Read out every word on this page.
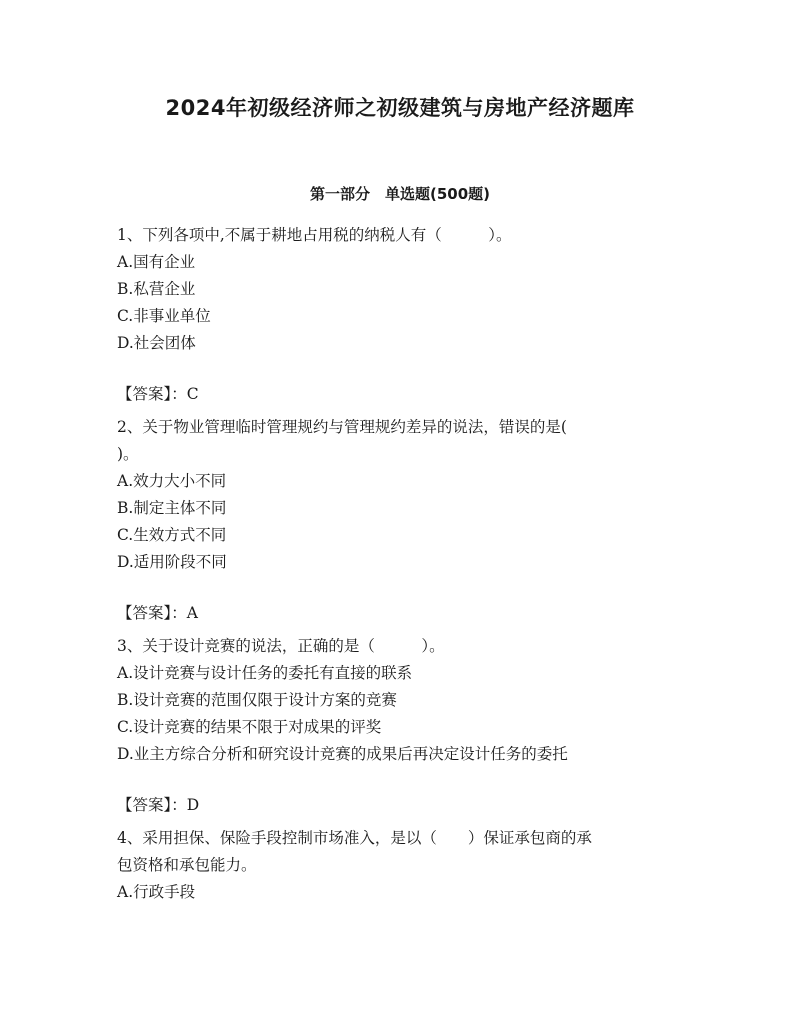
2024年初级经济师之初级建筑与房地产经济题库
第一部分　单选题(500题)

1、下列各项中,不属于耕地占用税的纳税人有（　　　）。

A.国有企业

B.私营企业

C.非事业单位

D.社会团体

【答案】：C

2、关于物业管理临时管理规约与管理规约差异的说法，错误的是(

)。

A.效力大小不同

B.制定主体不同

C.生效方式不同

D.适用阶段不同

【答案】：A

3、关于设计竞赛的说法，正确的是（　　　）。

A.设计竞赛与设计任务的委托有直接的联系

B.设计竞赛的范围仅限于设计方案的竞赛

C.设计竞赛的结果不限于对成果的评奖

D.业主方综合分析和研究设计竞赛的成果后再决定设计任务的委托

【答案】：D

4、采用担保、保险手段控制市场准入，是以（　　）保证承包商的承

包资格和承包能力。

A.行政手段
